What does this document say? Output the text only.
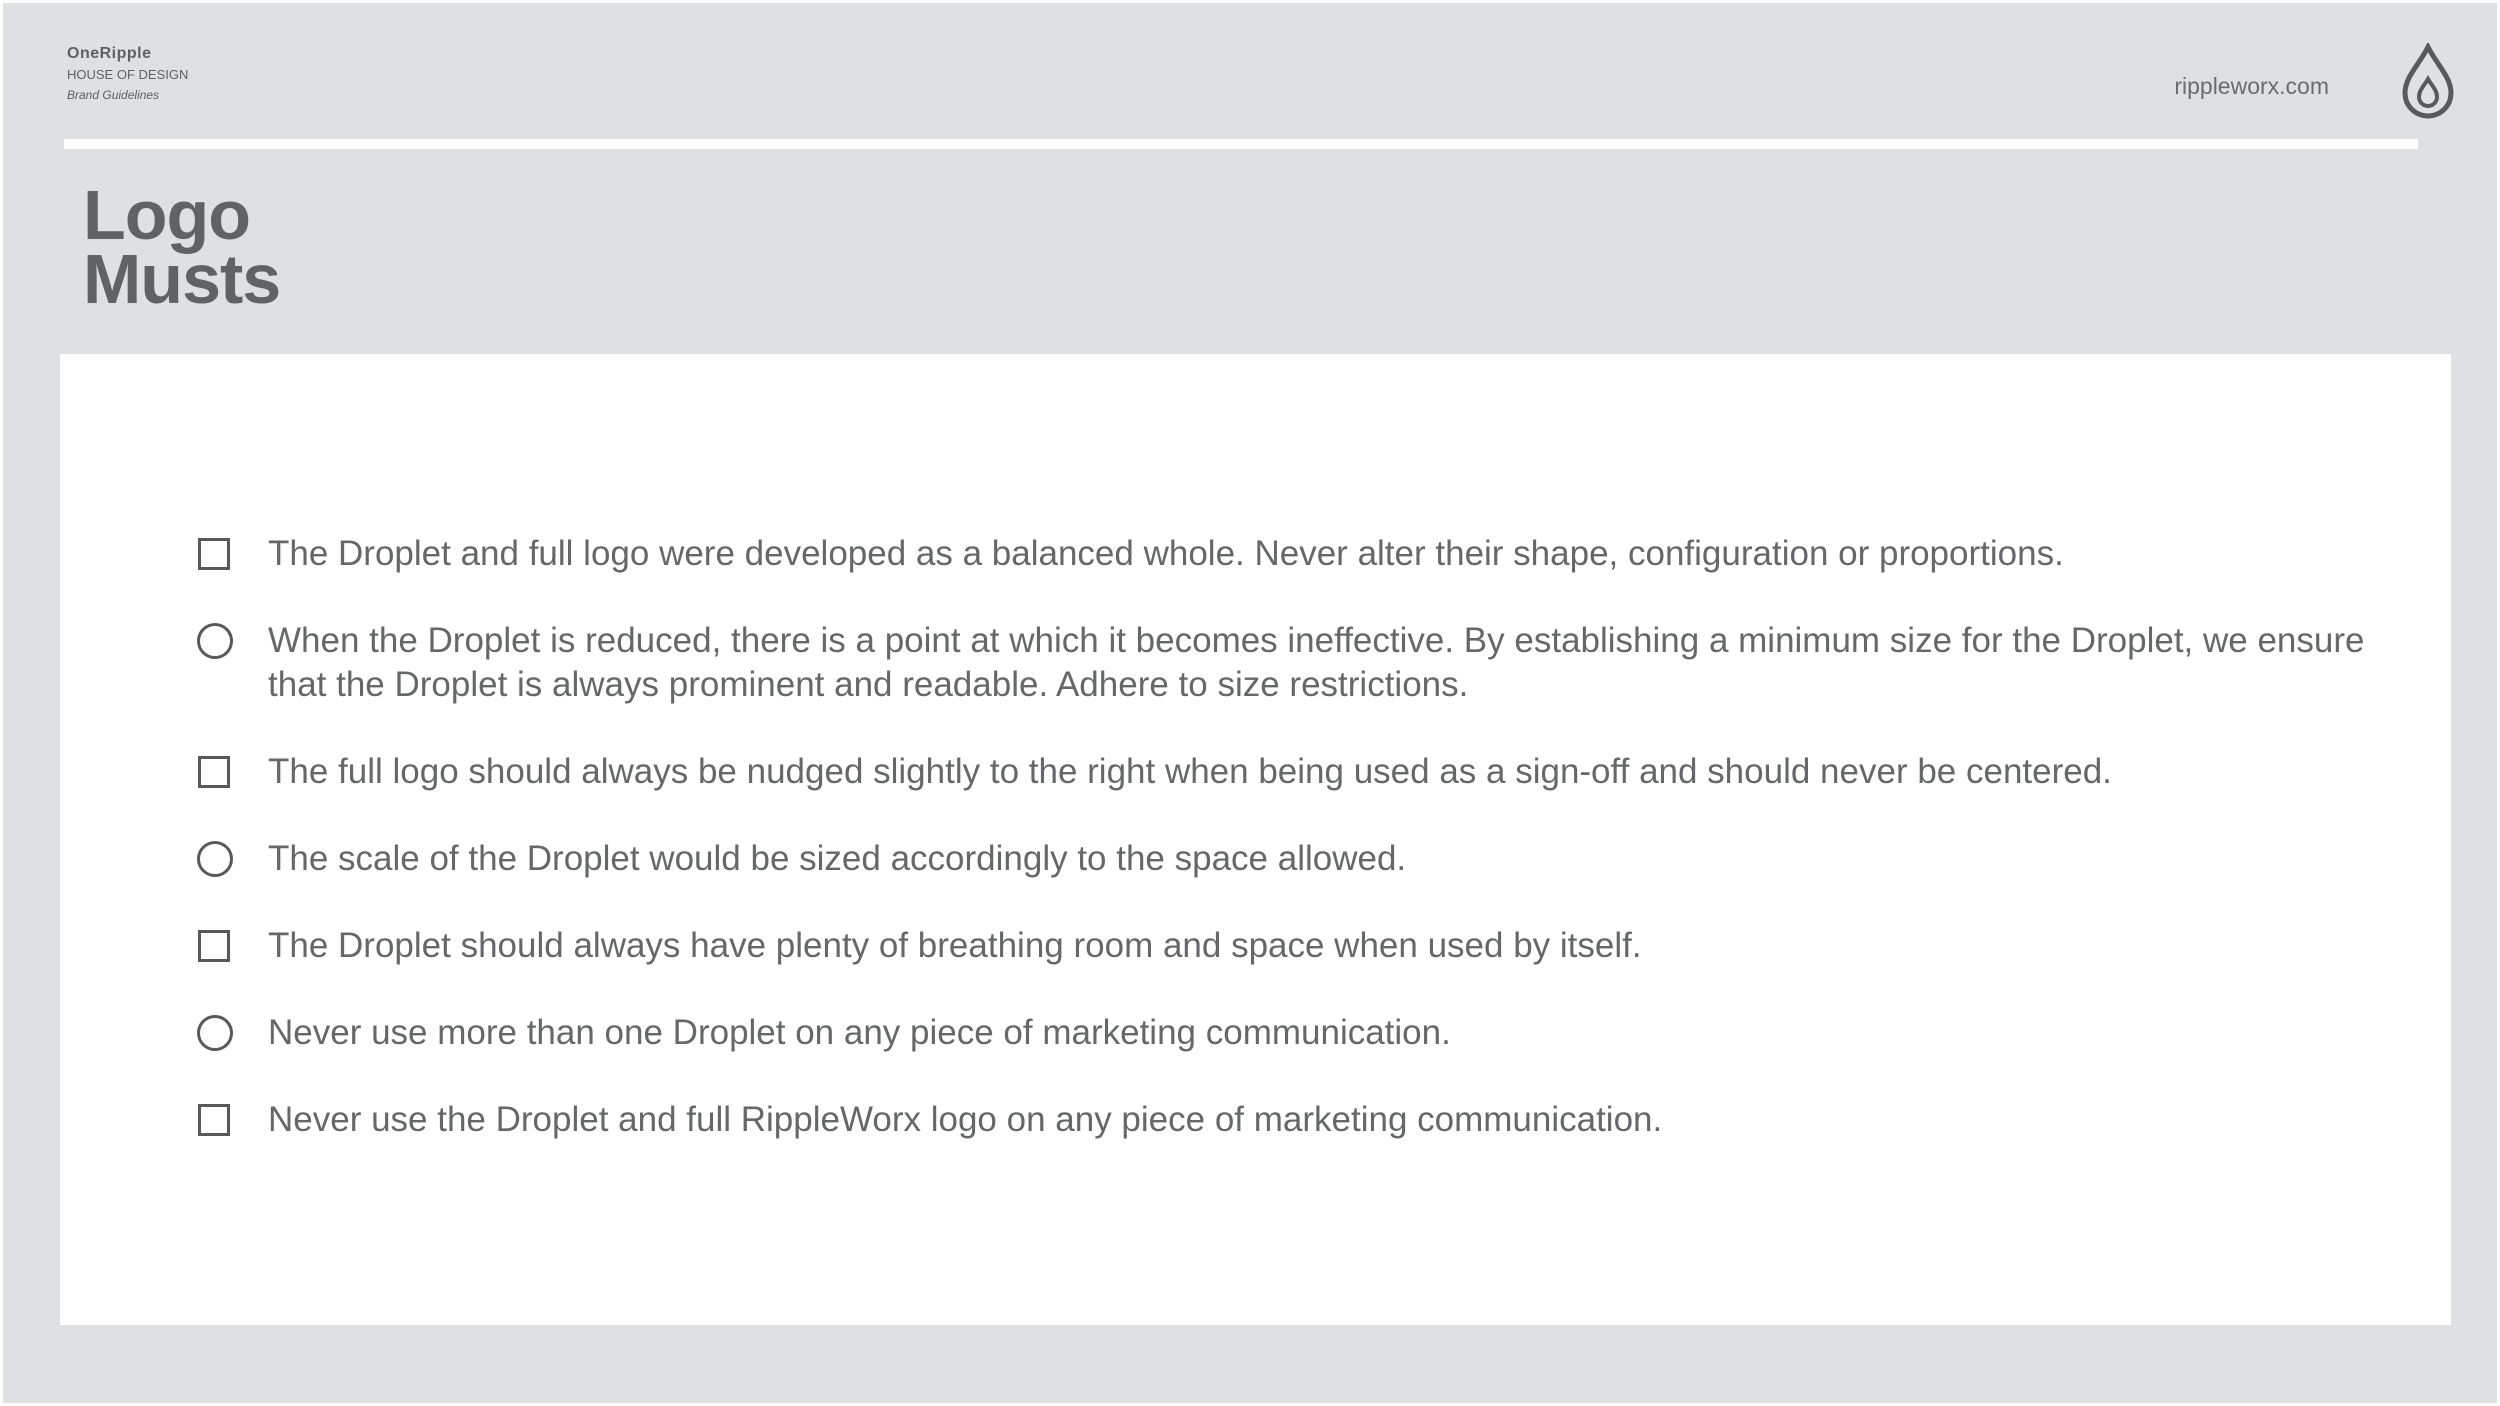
OneRipple
HOUSE OF DESIGN
Brand Guidelines	rippleworx.com
Logo
Musts
The Droplet and full logo were developed as a balanced whole. Never alter their shape, configuration or proportions.
When the Droplet is reduced, there is a point at which it becomes ineffective. By establishing a minimum size for the Droplet, we ensure that the Droplet is always prominent and readable. Adhere to size restrictions.
The full logo should always be nudged slightly to the right when being used as a sign-off and should never be centered.
The scale of the Droplet would be sized accordingly to the space allowed.
The Droplet should always have plenty of breathing room and space when used by itself.
Never use more than one Droplet on any piece of marketing communication.
Never use the Droplet and full RippleWorx logo on any piece of marketing communication.
